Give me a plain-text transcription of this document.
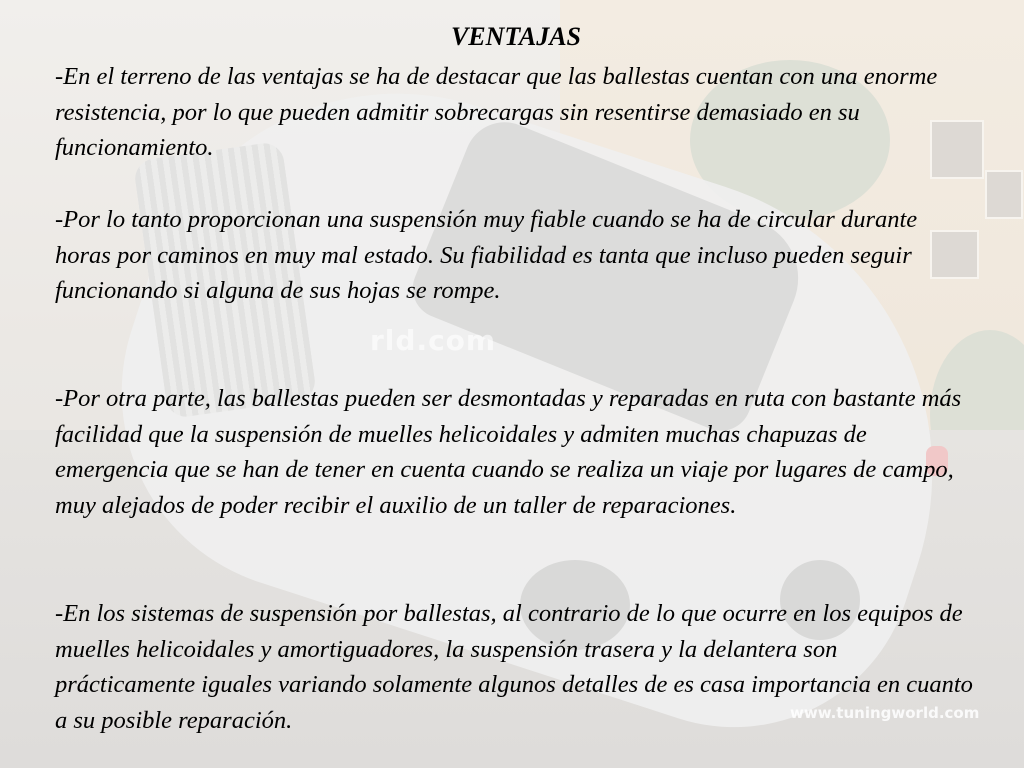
rld.com
www.tuningworld.com
VENTAJAS

-En el terreno de las ventajas se ha de destacar que las ballestas cuentan con una enorme resistencia, por lo que pueden admitir sobrecargas sin resentirse demasiado en su funcionamiento.

-Por lo tanto proporcionan una suspensión muy fiable cuando se ha de circular durante horas por caminos en muy mal estado. Su fiabilidad es tanta que incluso pueden seguir funcionando si alguna de sus hojas se rompe.

-Por otra parte, las ballestas pueden ser desmontadas y reparadas en ruta con bastante más facilidad que la suspensión de muelles helicoidales y admiten muchas chapuzas de emergencia que se han de tener en cuenta cuando se realiza un viaje por lugares de campo, muy alejados de poder recibir el auxilio de un taller de reparaciones.

-En los sistemas de suspensión por ballestas, al contrario de lo que ocurre en los equipos de muelles helicoidales y amortiguadores, la suspensión trasera y la delantera son prácticamente iguales variando solamente algunos detalles de es casa importancia en cuanto a su posible reparación.
